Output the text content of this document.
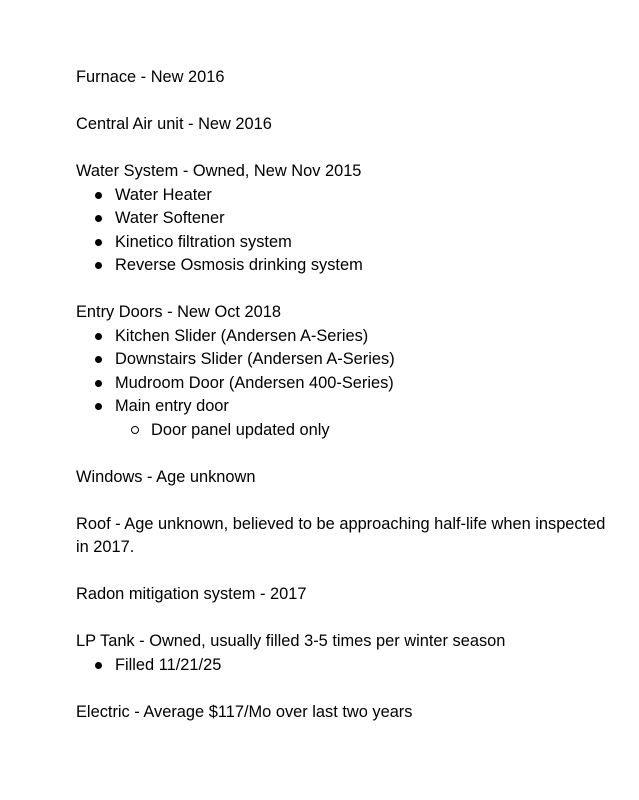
Furnace - New 2016

Central Air unit - New 2016

Water System - Owned, New Nov 2015

Water Heater
Water Softener
Kinetico filtration system
Reverse Osmosis drinking system

Entry Doors - New Oct 2018

Kitchen Slider (Andersen A-Series)
Downstairs Slider (Andersen A-Series)
Mudroom Door (Andersen 400-Series)
Main entry door
Door panel updated only

Windows - Age unknown

Roof - Age unknown, believed to be approaching half-life when inspected in 2017.

Radon mitigation system - 2017

LP Tank - Owned, usually filled 3-5 times per winter season

Filled 11/21/25

Electric - Average $117/Mo over last two years
